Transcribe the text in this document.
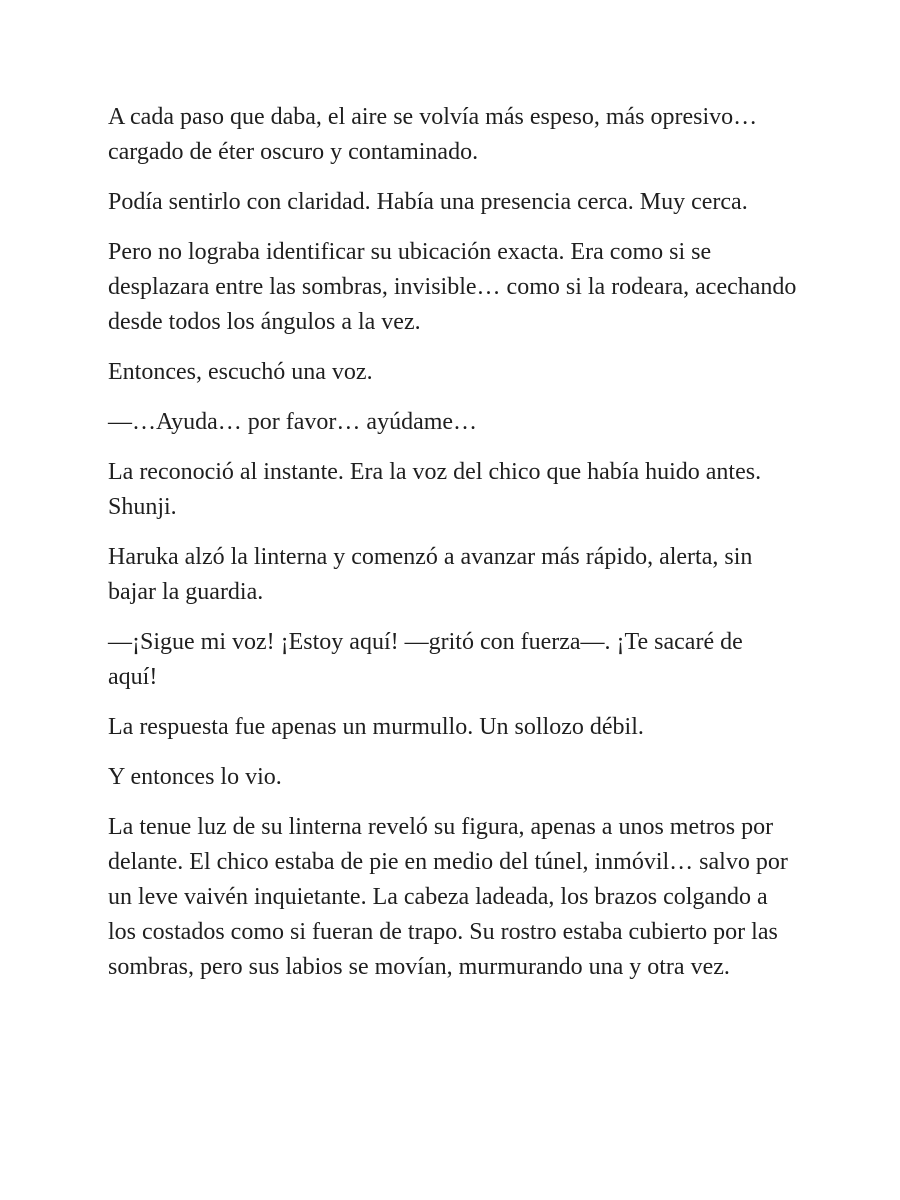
A cada paso que daba, el aire se volvía más espeso, más opresivo… cargado de éter oscuro y contaminado.

Podía sentirlo con claridad. Había una presencia cerca. Muy cerca.

Pero no lograba identificar su ubicación exacta. Era como si se desplazara entre las sombras, invisible… como si la rodeara, acechando desde todos los ángulos a la vez.

Entonces, escuchó una voz.

—…Ayuda… por favor… ayúdame…

La reconoció al instante. Era la voz del chico que había huido antes. Shunji.

Haruka alzó la linterna y comenzó a avanzar más rápido, alerta, sin bajar la guardia.

—¡Sigue mi voz! ¡Estoy aquí! —gritó con fuerza—. ¡Te sacaré de aquí!

La respuesta fue apenas un murmullo. Un sollozo débil.

Y entonces lo vio.

La tenue luz de su linterna reveló su figura, apenas a unos metros por delante. El chico estaba de pie en medio del túnel, inmóvil… salvo por un leve vaivén inquietante. La cabeza ladeada, los brazos colgando a los costados como si fueran de trapo. Su rostro estaba cubierto por las sombras, pero sus labios se movían, murmurando una y otra vez.
